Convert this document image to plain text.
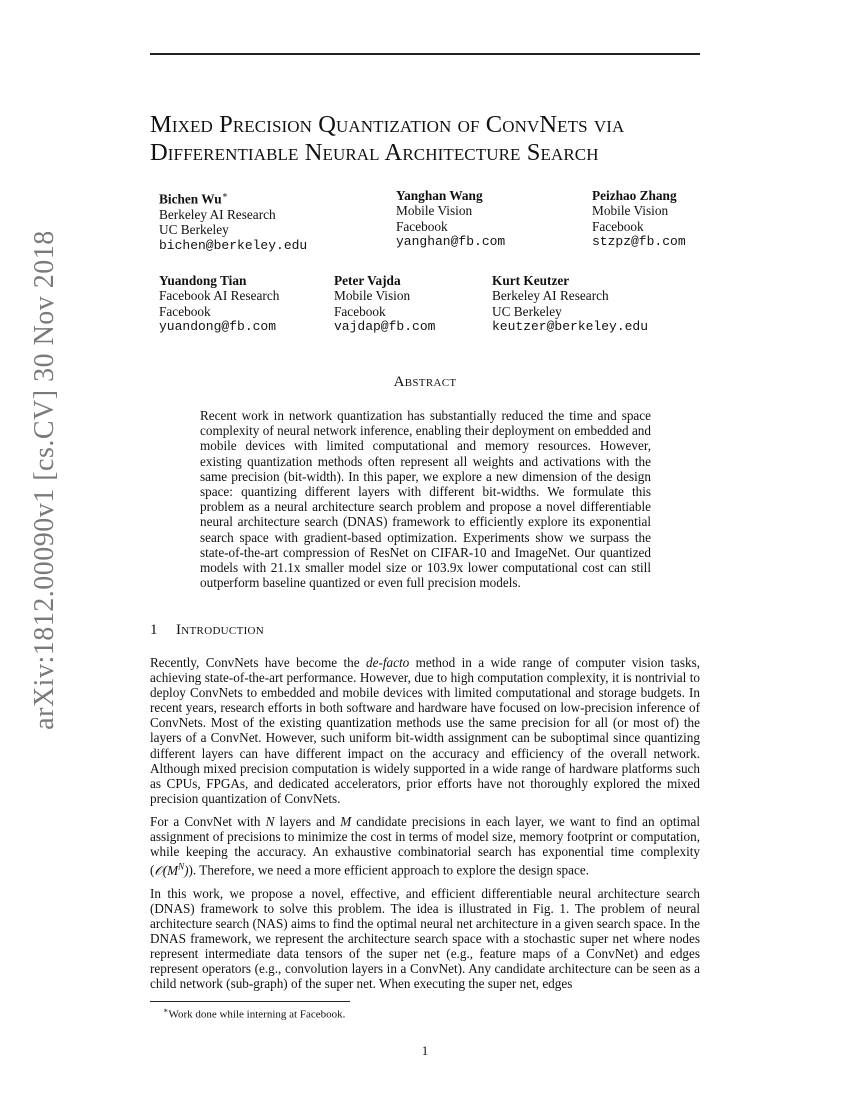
arXiv:1812.00090v1 [cs.CV] 30 Nov 2018
Mixed Precision Quantization of ConvNets via
Differentiable Neural Architecture Search
Bichen Wu∗
Berkeley AI Research
UC Berkeley
bichen@berkeley.edu
Yanghan Wang
Mobile Vision
Facebook
yanghan@fb.com
Peizhao Zhang
Mobile Vision
Facebook
stzpz@fb.com
Yuandong Tian
Facebook AI Research
Facebook
yuandong@fb.com
Peter Vajda
Mobile Vision
Facebook
vajdap@fb.com
Kurt Keutzer
Berkeley AI Research
UC Berkeley
keutzer@berkeley.edu
Abstract
Recent work in network quantization has substantially reduced the time and space complexity of neural network inference, enabling their deployment on embedded and mobile devices with limited computational and memory resources. However, existing quantization methods often represent all weights and activations with the same precision (bit-width). In this paper, we explore a new dimension of the design space: quantizing different layers with different bit-widths. We formulate this problem as a neural architecture search problem and propose a novel differentiable neural architecture search (DNAS) framework to efficiently explore its exponential search space with gradient-based optimization. Experiments show we surpass the state-of-the-art compression of ResNet on CIFAR-10 and ImageNet. Our quantized models with 21.1x smaller model size or 103.9x lower computational cost can still outperform baseline quantized or even full precision models.
1 Introduction

Recently, ConvNets have become the de-facto method in a wide range of computer vision tasks, achieving state-of-the-art performance. However, due to high computation complexity, it is nontrivial to deploy ConvNets to embedded and mobile devices with limited computational and storage budgets. In recent years, research efforts in both software and hardware have focused on low-precision inference of ConvNets. Most of the existing quantization methods use the same precision for all (or most of) the layers of a ConvNet. However, such uniform bit-width assignment can be suboptimal since quantizing different layers can have different impact on the accuracy and efficiency of the overall network. Although mixed precision computation is widely supported in a wide range of hardware platforms such as CPUs, FPGAs, and dedicated accelerators, prior efforts have not thoroughly explored the mixed precision quantization of ConvNets.

For a ConvNet with N layers and M candidate precisions in each layer, we want to find an optimal assignment of precisions to minimize the cost in terms of model size, memory footprint or computation, while keeping the accuracy. An exhaustive combinatorial search has exponential time complexity $(𝒪(M^N))$. Therefore, we need a more efficient approach to explore the design space.

In this work, we propose a novel, effective, and efficient differentiable neural architecture search (DNAS) framework to solve this problem. The idea is illustrated in Fig. 1. The problem of neural architecture search (NAS) aims to find the optimal neural net architecture in a given search space. In the DNAS framework, we represent the architecture search space with a stochastic super net where nodes represent intermediate data tensors of the super net (e.g., feature maps of a ConvNet) and edges represent operators (e.g., convolution layers in a ConvNet). Any candidate architecture can be seen as a child network (sub-graph) of the super net. When executing the super net, edges

∗Work done while interning at Facebook.
1
